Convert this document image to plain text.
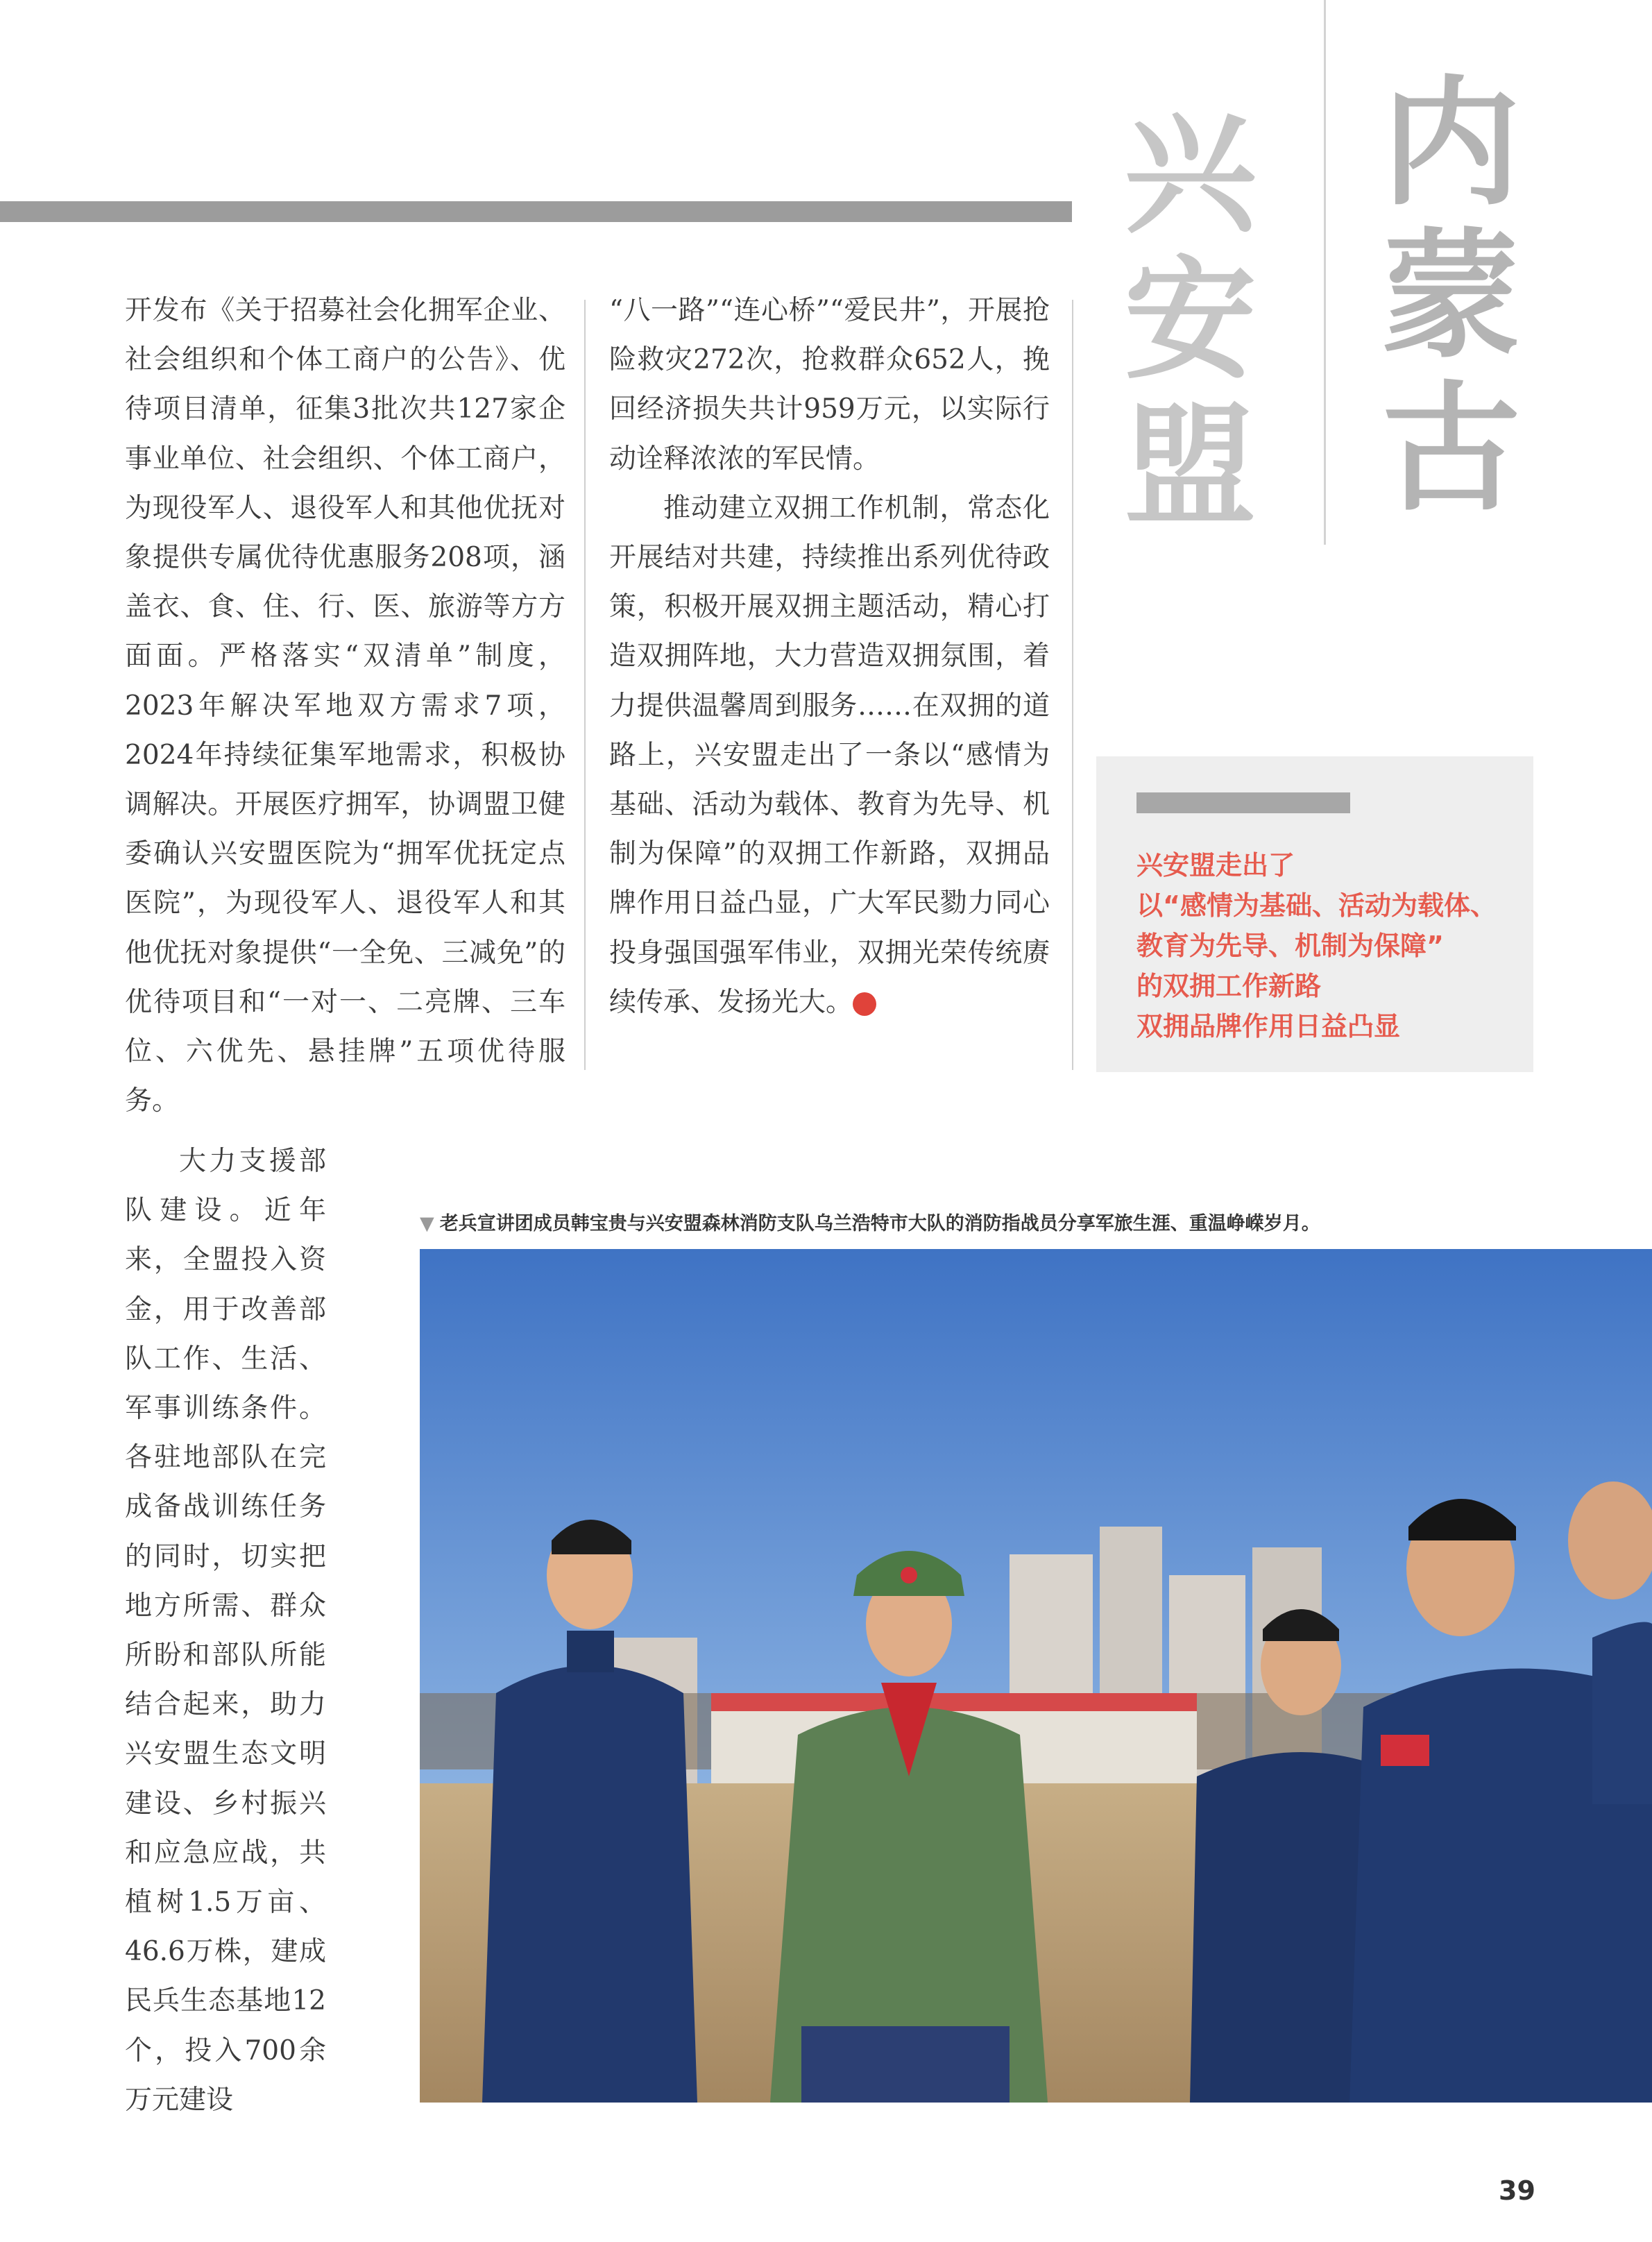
内蒙古
兴安盟

开发布《关于招募社会化拥军企业、社会组织和个体工商户的公告》、优待项目清单，征集3批次共127家企事业单位、社会组织、个体工商户，为现役军人、退役军人和其他优抚对象提供专属优待优惠服务208项，涵盖衣、食、住、行、医、旅游等方方面面。严格落实“双清单”制度，2023年解决军地双方需求7项，2024年持续征集军地需求，积极协调解决。开展医疗拥军，协调盟卫健委确认兴安盟医院为“拥军优抚定点医院”，为现役军人、退役军人和其他优抚对象提供“一全免、三减免”的优待项目和“一对一、二亮牌、三车位、六优先、悬挂牌”五项优待服务。

大力支援部队建设。近年来，全盟投入资金，用于改善部队工作、生活、军事训练条件。各驻地部队在完成备战训练任务的同时，切实把地方所需、群众所盼和部队所能结合起来，助力兴安盟生态文明建设、乡村振兴和应急应战，共植树1.5万亩、46.6万株，建成民兵生态基地12个，投入700余万元建设

“八一路”“连心桥”“爱民井”，开展抢险救灾272次，抢救群众652人，挽回经济损失共计959万元，以实际行动诠释浓浓的军民情。

推动建立双拥工作机制，常态化开展结对共建，持续推出系列优待政策，积极开展双拥主题活动，精心打造双拥阵地，大力营造双拥氛围，着力提供温馨周到服务……在双拥的道路上，兴安盟走出了一条以“感情为基础、活动为载体、教育为先导、机制为保障”的双拥工作新路，双拥品牌作用日益凸显，广大军民勠力同心投身强国强军伟业，双拥光荣传统赓续传承、发扬光大。	N

兴安盟走出了
以“感情为基础、活动为载体、
教育为先导、机制为保障”
的双拥工作新路
双拥品牌作用日益凸显
▼ 老兵宣讲团成员韩宝贵与兴安盟森林消防支队乌兰浩特市大队的消防指战员分享军旅生涯、重温峥嵘岁月。
39
